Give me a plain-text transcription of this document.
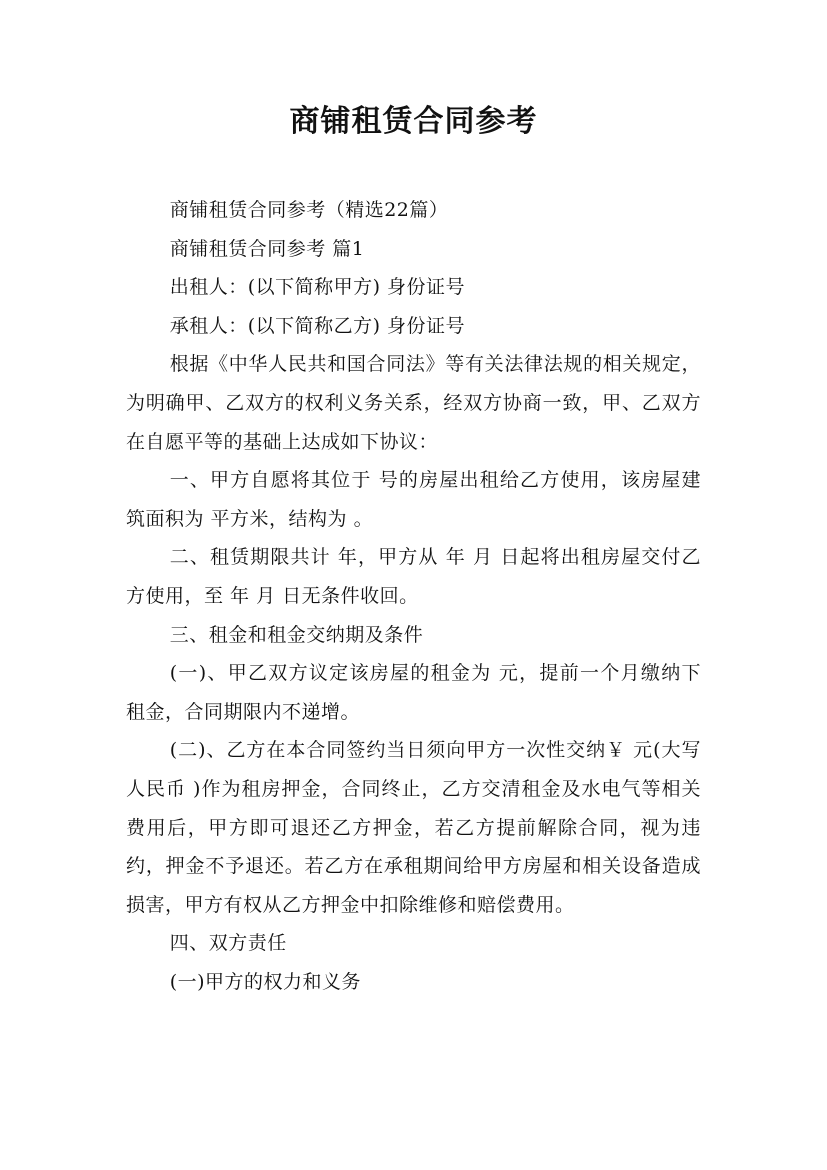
商铺租赁合同参考

商铺租赁合同参考（精选22篇）

商铺租赁合同参考 篇1

出租人：(以下简称甲方) 身份证号

承租人：(以下简称乙方) 身份证号

根据《中华人民共和国合同法》等有关法律法规的相关规定，为明确甲、乙双方的权利义务关系，经双方协商一致，甲、乙双方在自愿平等的基础上达成如下协议：

一、甲方自愿将其位于 号的房屋出租给乙方使用，该房屋建筑面积为 平方米，结构为 。

二、租赁期限共计 年，甲方从 年 月 日起将出租房屋交付乙方使用，至 年 月 日无条件收回。

三、租金和租金交纳期及条件

(一)、甲乙双方议定该房屋的租金为 元，提前一个月缴纳下 租金，合同期限内不递增。

(二)、乙方在本合同签约当日须向甲方一次性交纳￥ 元(大写人民币 )作为租房押金，合同终止，乙方交清租金及水电气等相关费用后，甲方即可退还乙方押金，若乙方提前解除合同，视为违约，押金不予退还。若乙方在承租期间给甲方房屋和相关设备造成损害，甲方有权从乙方押金中扣除维修和赔偿费用。

四、双方责任

(一)甲方的权力和义务
